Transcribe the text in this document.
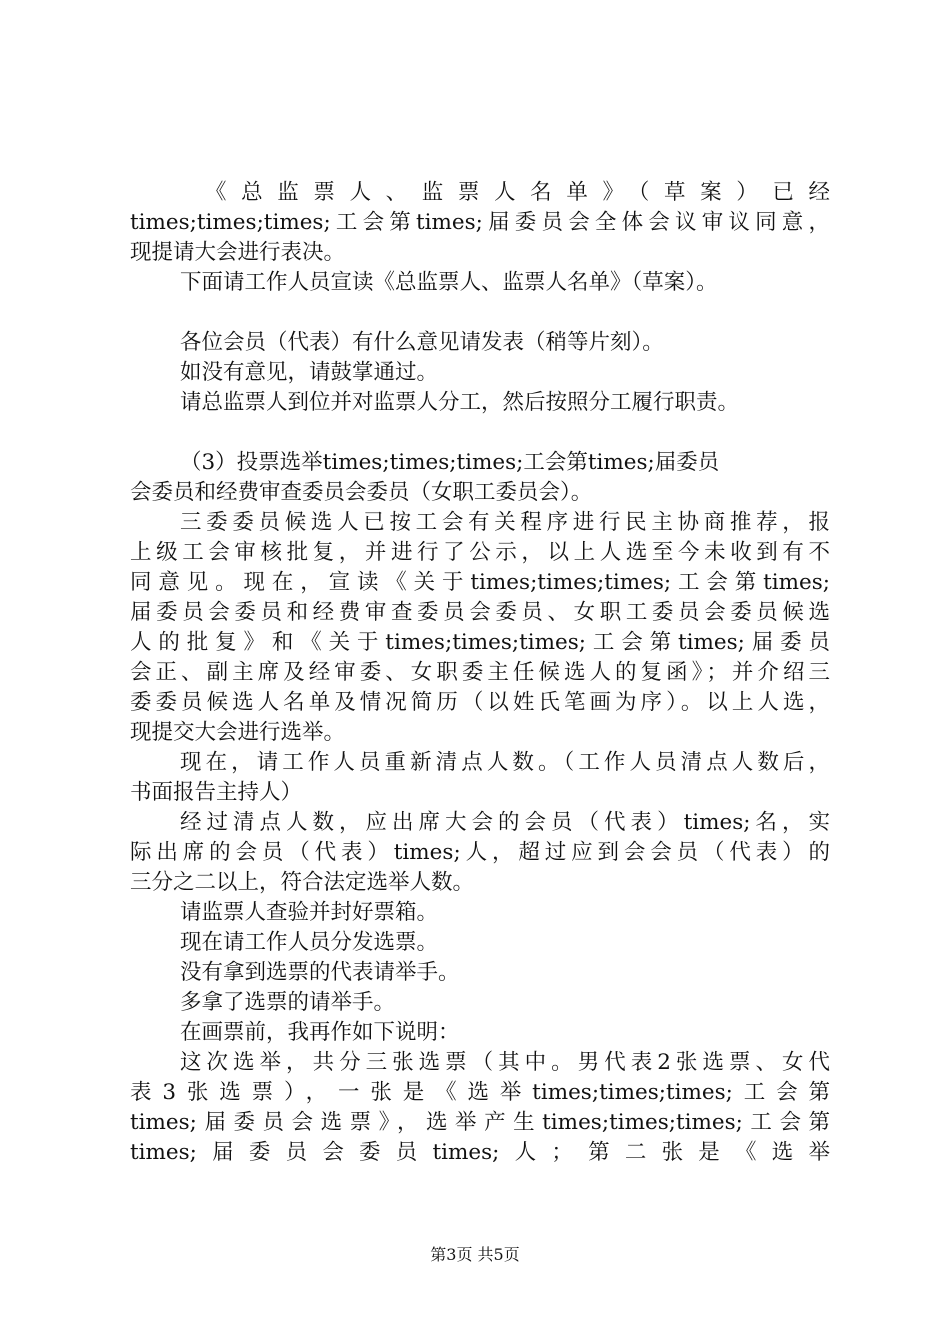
《总监票人、监票人名单》（草案）已经
times;times;times;工会第times;届委员会全体会议审议同意，
现提请大会进行表决。
下面请工作人员宣读《总监票人、监票人名单》（草案）。
各位会员（代表）有什么意见请发表（稍等片刻）。
如没有意见，请鼓掌通过。
请总监票人到位并对监票人分工，然后按照分工履行职责。
（3）投票选举times;times;times;工会第times;届委员
会委员和经费审查委员会委员（女职工委员会）。
三委委员候选人已按工会有关程序进行民主协商推荐，报
上级工会审核批复，并进行了公示，以上人选至今未收到有不
同意见。现在，宣读《关于times;times;times;工会第times;
届委员会委员和经费审查委员会委员、女职工委员会委员候选
人的批复》和《关于times;times;times;工会第times;届委员
会正、副主席及经审委、女职委主任候选人的复函》；并介绍三
委委员候选人名单及情况简历（以姓氏笔画为序）。以上人选，
现提交大会进行选举。
现在，请工作人员重新清点人数。（工作人员清点人数后，
书面报告主持人）
经过清点人数，应出席大会的会员（代表）times;名，实
际出席的会员（代表）times;人，超过应到会会员（代表）的
三分之二以上，符合法定选举人数。
请监票人查验并封好票箱。
现在请工作人员分发选票。
没有拿到选票的代表请举手。
多拿了选票的请举手。
在画票前，我再作如下说明：
这次选举，共分三张选票（其中。男代表2张选票、女代
表3张选票），一张是《选举times;times;times;工会第
times;届委员会选票》，选举产生times;times;times;工会第
times;届委员会委员times;人；第二张是《选举
第3页 共5页
